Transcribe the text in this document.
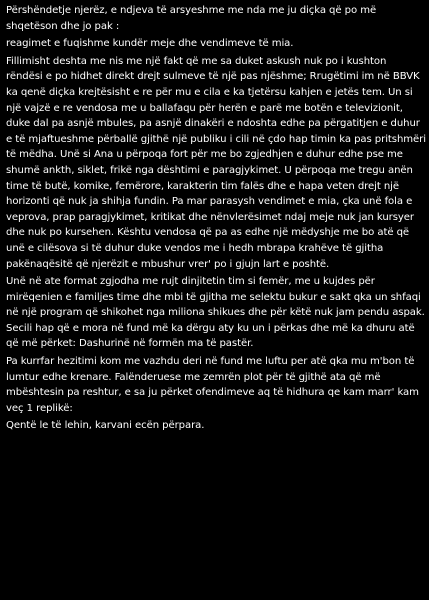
Përshëndetje njerëz, e ndjeva të arsyeshme me nda me ju diçka që po më shqetëson dhe jo pak :

reagimet e fuqishme kundër meje dhe vendimeve të mia.

Fillimisht deshta me nis me një fakt që me sa duket askush nuk po i kushton rëndësi e po hidhet direkt drejt sulmeve të një pas njëshme; Rrugëtimi im në BBVK ka qenë diçka krejtësisht e re për mu e cila e ka tjetërsu kahjen e jetës tem. Un si një vajzë e re vendosa me u ballafaqu për herën e parë me botën e televizionit, duke dal pa asnjë mbules, pa asnjë dinakëri e ndoshta edhe pa përgatitjen e duhur e të mjaftueshme përballë gjithë një publiku i cili në çdo hap timin ka pas pritshmëri të mëdha. Unë si Ana u përpoqa fort për me bo zgjedhjen e duhur edhe pse me shumë ankth, siklet, frikë nga dështimi e paragjykimet. U përpoqa me tregu anën time të butë, komike, femërore, karakterin tim falës dhe e hapa veten drejt një horizonti që nuk ja shihja fundin. Pa mar parasysh vendimet e mia, çka unë fola e veprova, prap paragjykimet, kritikat dhe nënvlerësimet ndaj meje nuk jan kursyer dhe nuk po kursehen. Kështu vendosa që pa as edhe një mëdyshje me bo atë që unë e cilësova si të duhur duke vendos me i hedh mbrapa krahëve të gjitha pakënaqësitë që njerëzit e mbushur vrer' po i gjujn lart e poshtë.

Unë në ate format zgjodha me rujt dinjitetin tim si femër, me u kujdes për mirëqenien e familjes time dhe mbi të gjitha me selektu bukur e sakt qka un shfaqi në një program që shikohet nga miliona shikues dhe për këtë nuk jam pendu aspak. Secili hap që e mora në fund më ka dërgu aty ku un i përkas dhe më ka dhuru atë që më përket: Dashurinë në formën ma të pastër.

Pa kurrfar hezitimi kom me vazhdu deri në fund me luftu per atë qka mu m'bon të lumtur edhe krenare. Falënderuese me zemrën plot për të gjithë ata që më mbështesin pa reshtur, e sa ju përket ofendimeve aq të hidhura qe kam marr' kam veç 1 replikë:

Qentë le të lehin, karvani ecën përpara.
